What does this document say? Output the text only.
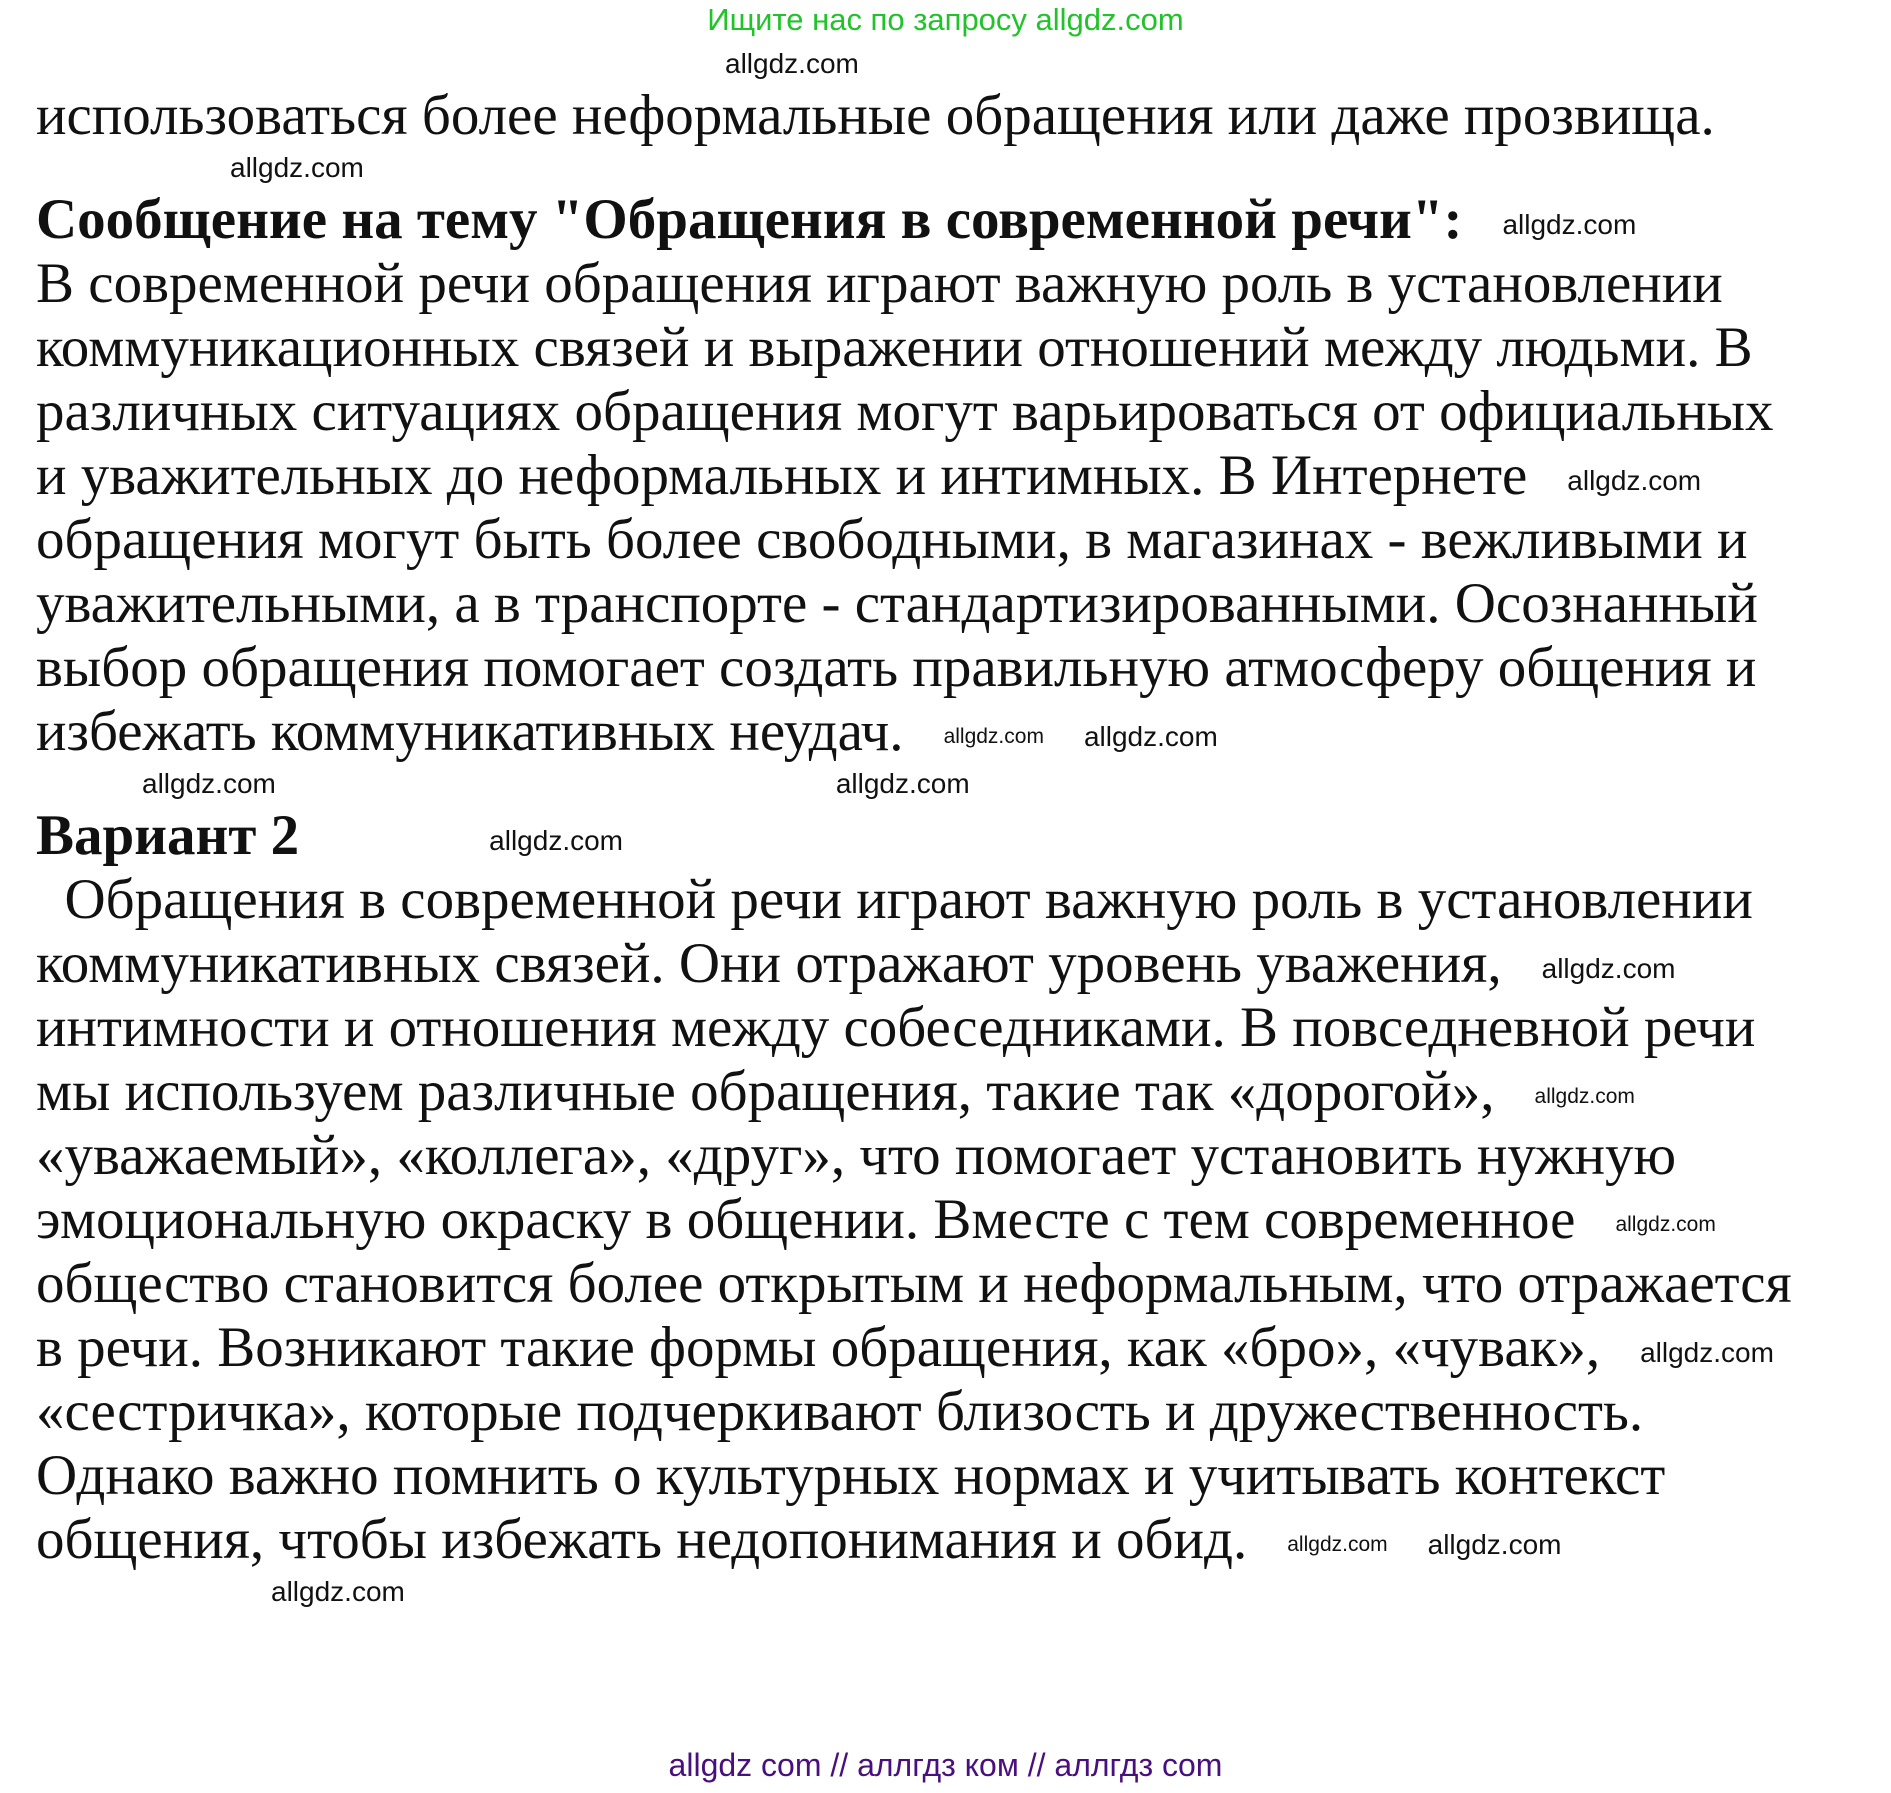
Ищите нас по запросу allgdz.com
allgdz.com
использоваться более неформальные обращения или даже прозвища.
allgdz.com
Сообщение на тему "Обращения в современной речи": allgdz.com
В современной речи обращения играют важную роль в установлении
коммуникационных связей и выражении отношений между людьми. В
различных ситуациях обращения могут варьироваться от официальных
и уважительных до неформальных и интимных. В Интернете allgdz.com
обращения могут быть более свободными, в магазинах - вежливыми и
уважительными, а в транспорте - стандартизированными. Осознанный
выбор обращения помогает создать правильную атмосферу общения и
избежать коммуникативных неудач. allgdz.com allgdz.com
allgdz.com	allgdz.com
Вариант 2	allgdz.com
Обращения в современной речи играют важную роль в установлении
коммуникативных связей. Они отражают уровень уважения, allgdz.com
интимности и отношения между собеседниками. В повседневной речи
мы используем различные обращения, такие так «дорогой», allgdz.com
«уважаемый», «коллега», «друг», что помогает установить нужную
эмоциональную окраску в общении. Вместе с тем современное allgdz.com
общество становится более открытым и неформальным, что отражается
в речи. Возникают такие формы обращения, как «бро», «чувак», allgdz.com
«сестричка», которые подчеркивают близость и дружественность.
Однако важно помнить о культурных нормах и учитывать контекст
общения, чтобы избежать недопонимания и обид. allgdz.com allgdz.com
allgdz.com
allgdz com // аллгдз ком // аллгдз com
